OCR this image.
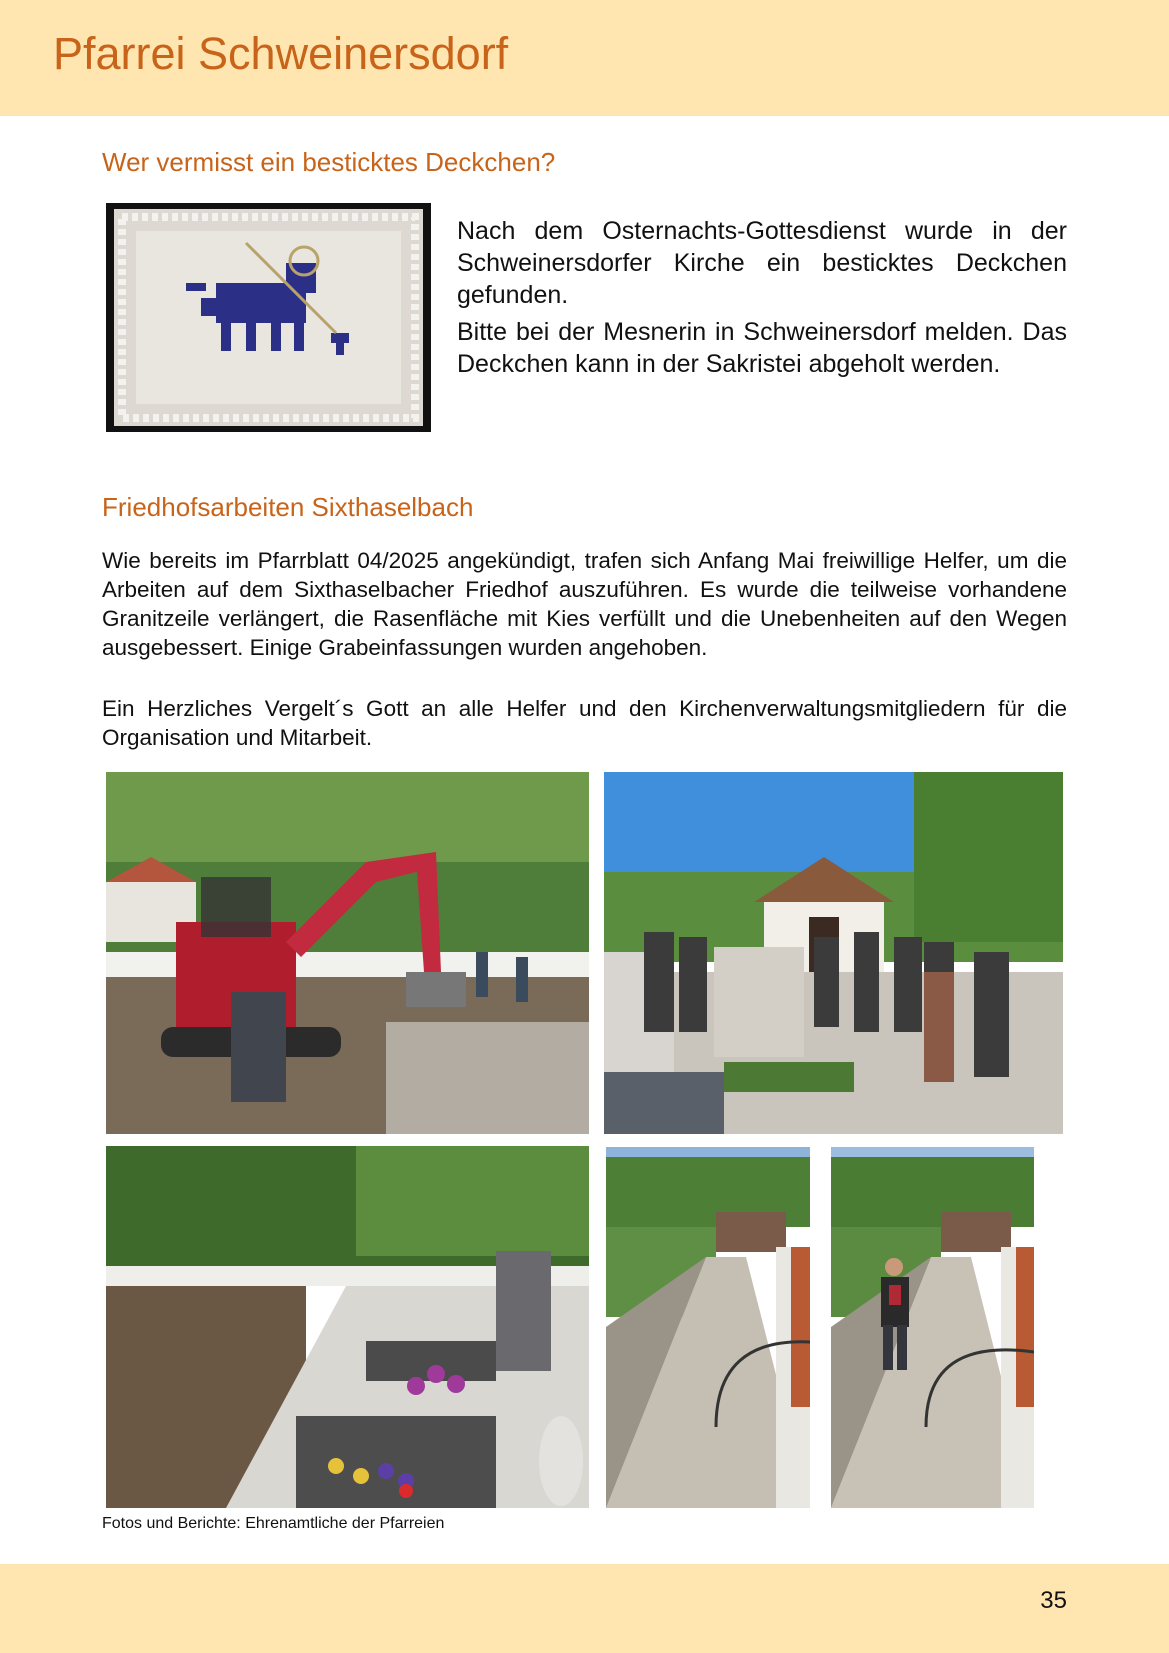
Pfarrei Schweinersdorf
Wer vermisst ein besticktes Deckchen?

Nach dem Osternachts-Gottesdienst wurde in der Schweinersdorfer Kirche ein besticktes Deckchen gefunden.

Bitte bei der Mesnerin in Schweinersdorf melden. Das Deckchen kann in der Sakristei abgeholt werden.

Friedhofsarbeiten Sixthaselbach

Wie bereits im Pfarrblatt 04/2025 angekündigt, trafen sich Anfang Mai freiwillige Helfer, um die Arbeiten auf dem Sixthaselbacher Friedhof auszuführen. Es wurde die teilweise vorhandene Granitzeile verlängert, die Rasenfläche mit Kies verfüllt und die Unebenheiten auf den Wegen ausgebessert. Einige Grabeinfassungen wurden angehoben.

Ein Herzliches Vergelt´s Gott an alle Helfer und den Kirchenverwaltungsmitgliedern für die Organisation und Mitarbeit.

Fotos und Berichte: Ehrenamtliche der Pfarreien
35
